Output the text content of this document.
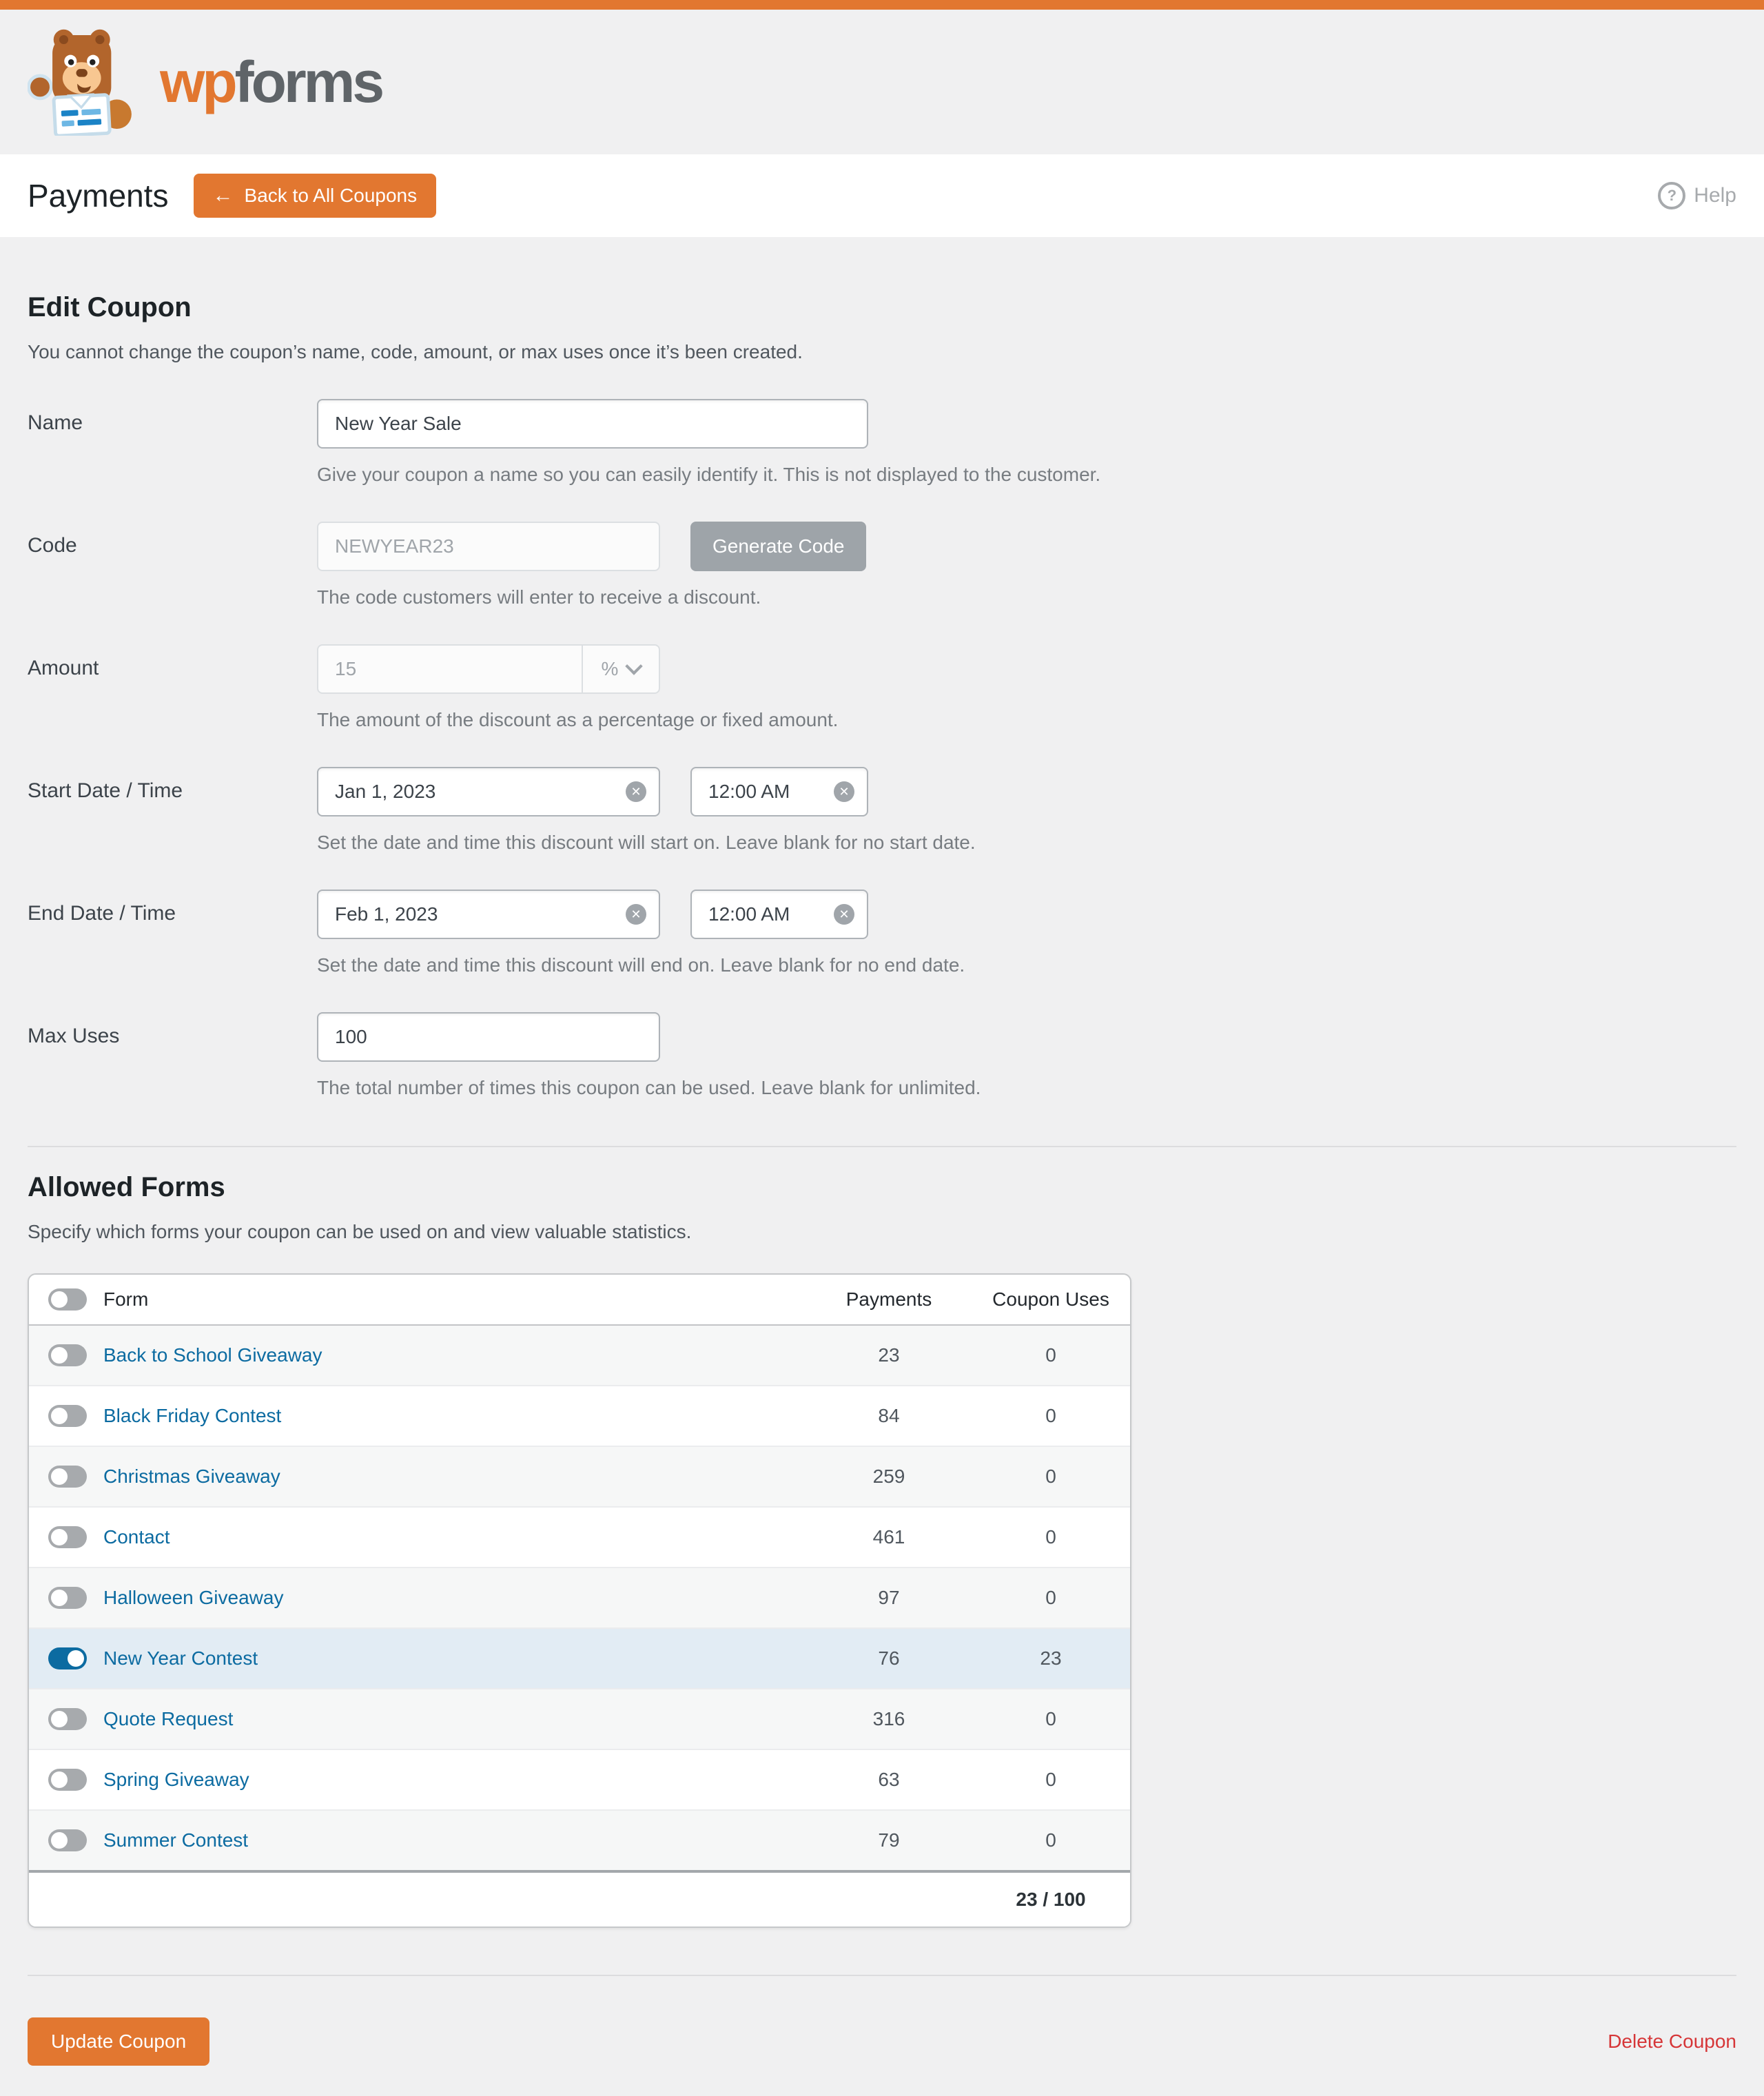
wpforms
Payments	← Back to All Coupons	?	Help
Edit Coupon
You cannot change the coupon’s name, code, amount, or max uses once it’s been created.
Name
New Year Sale
Give your coupon a name so you can easily identify it. This is not displayed to the customer.
Code
NEWYEAR23	Generate Code
The code customers will enter to receive a discount.
Amount
15	%
The amount of the discount as a percentage or fixed amount.
Start Date / Time
Jan 1, 2023	✕
12:00 AM	✕
Set the date and time this discount will start on. Leave blank for no start date.
End Date / Time
Feb 1, 2023	✕
12:00 AM	✕
Set the date and time this discount will end on. Leave blank for no end date.
Max Uses
100
The total number of times this coupon can be used. Leave blank for unlimited.
Allowed Forms
Specify which forms your coupon can be used on and view valuable statistics.
Form	Payments	Coupon Uses
Back to School Giveaway	23	0
Black Friday Contest	84	0
Christmas Giveaway	259	0
Contact	461	0
Halloween Giveaway	97	0
New Year Contest	76	23
Quote Request	316	0
Spring Giveaway	63	0
Summer Contest	79	0
23 / 100
Update Coupon	Delete Coupon
